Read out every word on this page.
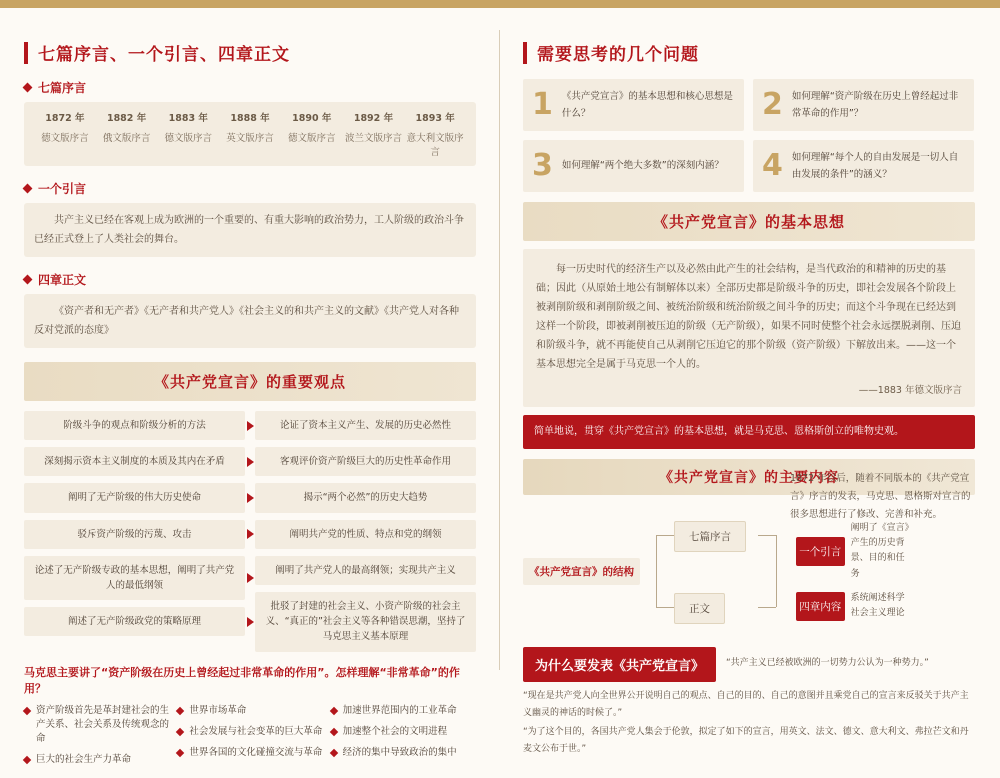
七篇序言、一个引言、四章正文
七篇序言
1872 年
德文版序言
1882 年
俄文版序言
1883 年
德文版序言
1888 年
英文版序言
1890 年
德文版序言
1892 年
波兰文版序言
1893 年
意大利文版序言
一个引言
共产主义已经在客观上成为欧洲的一个重要的、有重大影响的政治势力，工人阶级的政治斗争已经正式登上了人类社会的舞台。
四章正文
《资产者和无产者》《无产者和共产党人》《社会主义的和共产主义的文献》《共产党人对各种反对党派的态度》
《共产党宣言》的重要观点
阶级斗争的观点和阶级分析的方法
深刻揭示资本主义制度的本质及其内在矛盾
阐明了无产阶级的伟大历史使命
驳斥资产阶级的污蔑、攻击
论述了无产阶级专政的基本思想，阐明了共产党人的最低纲领
阐述了无产阶级政党的策略原理
论证了资本主义产生、发展的历史必然性
客观评价资产阶级巨大的历史性革命作用
揭示“两个必然”的历史大趋势
阐明共产党的性质、特点和党的纲领
阐明了共产党人的最高纲领；实现共产主义
批驳了封建的社会主义、小资产阶级的社会主义、“真正的”社会主义等各种错误思潮，坚持了马克思主义基本原理
马克思主要讲了“资产阶级在历史上曾经起过非常革命的作用”。怎样理解“非常革命”的作用？
资产阶级首先是革封建社会的生产关系、社会关系及传统观念的命
巨大的社会生产力革命
世界市场革命
社会发展与社会变革的巨大革命
世界各国的文化碰撞交流与革命
加速世界范围内的工业革命
加速整个社会的文明进程
经济的集中导致政治的集中
需要思考的几个问题
1 《共产党宣言》的基本思想和核心思想是什么？	2 如何理解“资产阶级在历史上曾经起过非常革命的作用”？
3 如何理解“两个绝大多数”的深刻内涵？ 4 如何理解“每个人的自由发展是一切人自由发展的条件”的涵义？
《共产党宣言》的基本思想
每一历史时代的经济生产以及必然由此产生的社会结构，是当代政治的和精神的历史的基础；因此（从原始土地公有制解体以来）全部历史都是阶级斗争的历史，即社会发展各个阶段上被剥削阶级和剥削阶级之间、被统治阶级和统治阶级之间斗争的历史；而这个斗争现在已经达到这样一个阶段，即被剥削被压迫的阶级（无产阶级），如果不同时使整个社会永远摆脱剥削、压迫和阶级斗争，就不再能使自己从剥削它压迫它的那个阶级（资产阶级）下解放出来。——这一个基本思想完全是属于马克思一个人的。
——1883 年德文版序言
简单地说，贯穿《共产党宣言》的基本思想，就是马克思、恩格斯创立的唯物史观。
《共产党宣言》的主要内容
《共产党宣言》的结构
七篇序言
正文
一个引言
阐明了《宣言》产生的历史背景、目的和任务
四章内容
系统阐述科学社会主义理论
1872 年以后，随着不同版本的《共产党宣言》序言的发表，马克思、恩格斯对宣言的很多思想进行了修改、完善和补充。
为什么要发表《共产党宣言》	“共产主义已经被欧洲的一切势力公认为一种势力。”
“现在是共产党人向全世界公开说明自己的观点、自己的目的、自己的意图并且乘党自己的宣言来反驳关于共产主义幽灵的神话的时候了。”
“为了这个目的，各国共产党人集会于伦敦，拟定了如下的宣言，用英文、法文、德文、意大利文、弗拉芒文和丹麦文公布于世。”
